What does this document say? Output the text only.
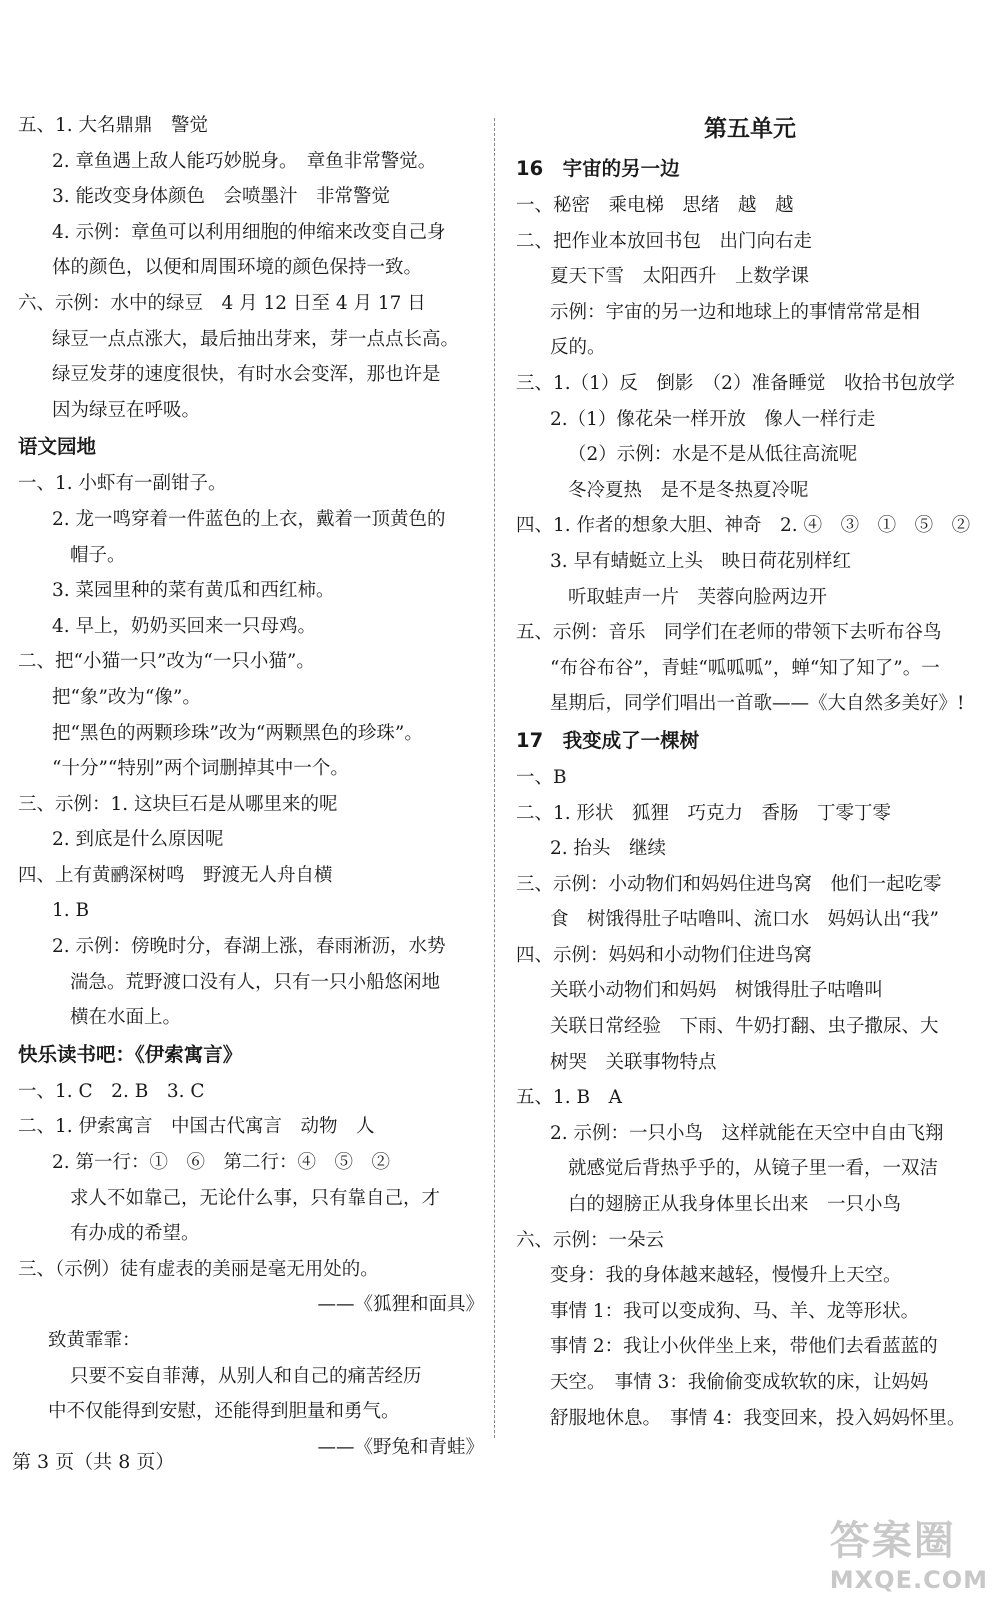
五、1. 大名鼎鼎　警觉
2. 章鱼遇上敌人能巧妙脱身。　章鱼非常警觉。
3. 能改变身体颜色　会喷墨汁　非常警觉
4. 示例：章鱼可以利用细胞的伸缩来改变自己身
体的颜色，以便和周围环境的颜色保持一致。
六、示例：水中的绿豆　4 月 12 日至 4 月 17 日
绿豆一点点涨大，最后抽出芽来，芽一点点长高。
绿豆发芽的速度很快，有时水会变浑，那也许是
因为绿豆在呼吸。
语文园地
一、1. 小虾有一副钳子。
2. 龙一鸣穿着一件蓝色的上衣，戴着一顶黄色的
帽子。
3. 菜园里种的菜有黄瓜和西红柿。
4. 早上，奶奶买回来一只母鸡。
二、把“小猫一只”改为“一只小猫”。
把“象”改为“像”。
把“黑色的两颗珍珠”改为“两颗黑色的珍珠”。
“十分”“特别”两个词删掉其中一个。
三、示例：1. 这块巨石是从哪里来的呢
2. 到底是什么原因呢
四、上有黄鹂深树鸣　野渡无人舟自横
1. B
2. 示例：傍晚时分，春湖上涨，春雨淅沥，水势
湍急。荒野渡口没有人，只有一只小船悠闲地
横在水面上。
快乐读书吧：《伊索寓言》
一、1. C　2. B　3. C
二、1. 伊索寓言　中国古代寓言　动物　人
2. 第一行：①　⑥　第二行：④　⑤　②
求人不如靠己，无论什么事，只有靠自己，才
有办成的希望。
三、（示例）徒有虚表的美丽是毫无用处的。
——《狐狸和面具》
致黄霏霏：
只要不妄自菲薄，从别人和自己的痛苦经历
中不仅能得到安慰，还能得到胆量和勇气。
——《野兔和青蛙》
第五单元
16　宇宙的另一边
一、秘密　乘电梯　思绪　越　越
二、把作业本放回书包　出门向右走
夏天下雪　太阳西升　上数学课
示例：宇宙的另一边和地球上的事情常常是相
反的。
三、1.（1）反　倒影　（2）准备睡觉　收拾书包放学
2.（1）像花朵一样开放　像人一样行走
（2）示例：水是不是从低往高流呢
冬冷夏热　是不是冬热夏冷呢
四、1. 作者的想象大胆、神奇　2. ④　③　①　⑤　②
3. 早有蜻蜓立上头　映日荷花别样红
听取蛙声一片　芙蓉向脸两边开
五、示例：音乐　同学们在老师的带领下去听布谷鸟
“布谷布谷”，青蛙“呱呱呱”，蝉“知了知了”。一
星期后，同学们唱出一首歌——《大自然多美好》!
17　我变成了一棵树
一、B
二、1. 形状　狐狸　巧克力　香肠　丁零丁零
2. 抬头　继续
三、示例：小动物们和妈妈住进鸟窝　他们一起吃零
食　树饿得肚子咕噜叫、流口水　妈妈认出“我”
四、示例：妈妈和小动物们住进鸟窝
关联小动物们和妈妈　树饿得肚子咕噜叫
关联日常经验　下雨、牛奶打翻、虫子撒尿、大
树哭　关联事物特点
五、1. B　A
2. 示例：一只小鸟　这样就能在天空中自由飞翔
就感觉后背热乎乎的，从镜子里一看，一双洁
白的翅膀正从我身体里长出来　一只小鸟
六、示例：一朵云
变身：我的身体越来越轻，慢慢升上天空。
事情 1：我可以变成狗、马、羊、龙等形状。
事情 2：我让小伙伴坐上来，带他们去看蓝蓝的
天空。　事情 3：我偷偷变成软软的床，让妈妈
舒服地休息。　事情 4：我变回来，投入妈妈怀里。
第 3 页（共 8 页）
答案圈
MXQE.COM
